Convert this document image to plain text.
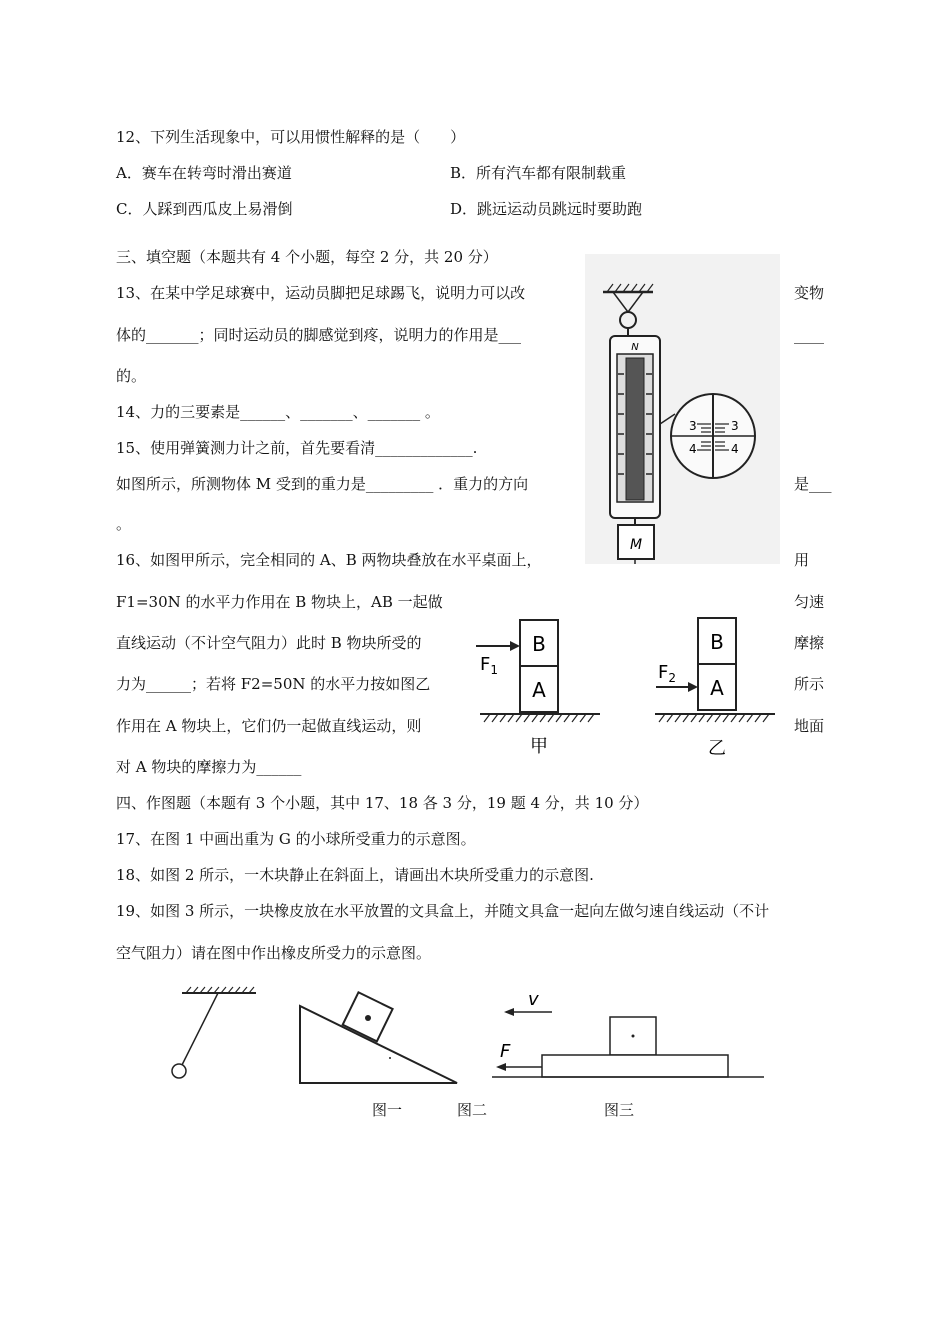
12、下列生活现象中，可以用惯性解释的是（　　）
A．赛车在转弯时滑出赛道	B．所有汽车都有限制载重
C．人踩到西瓜皮上易滑倒	D．跳远运动员跳远时要助跑
三、填空题（本题共有 4 个小题，每空 2 分，共 20 分）
13、在某中学足球赛中，运动员脚把足球踢飞，说明力可以改	变物
体的_______；同时运动员的脚感觉到疼，说明力的作用是___	____
的。
14、力的三要素是______、_______、_______ 。
15、使用弹簧测力计之前，首先要看清_____________.
如图所示，所测物体 M 受到的重力是_________ ．重力的方向	是___
。
16、如图甲所示，完全相同的 A、B 两物块叠放在水平桌面上，	用
F1=30N 的水平力作用在 B 物块上，AB 一起做	匀速
直线运动（不计空气阻力）此时 B 物块所受的	摩擦
力为______；若将 F2=50N 的水平力按如图乙	所示
作用在 A 物块上，它们仍一起做直线运动，则	地面
对 A 物块的摩擦力为______
四、作图题（本题有 3 个小题，其中 17、18 各 3 分，19 题 4 分，共 10 分）
17、在图 1 中画出重为 G 的小球所受重力的示意图。
18、如图 2 所示，一木块静止在斜面上，请画出木块所受重力的示意图.
19、如图 3 所示，一块橡皮放在水平放置的文具盒上，并随文具盒一起向左做匀速自线运动（不计
空气阻力）请在图中作出橡皮所受力的示意图。
N
3
4
3
4
M
B
A
$F_1$
甲
B
A
$F_2$
乙
v
F
图一	图二	图三
